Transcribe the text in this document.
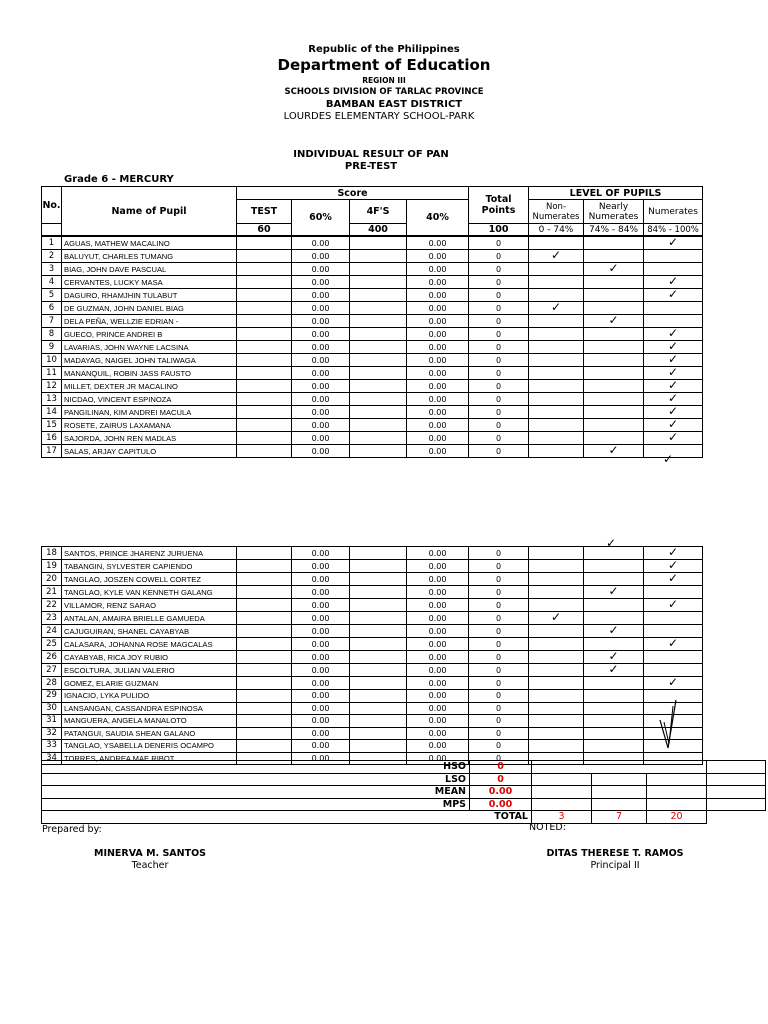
Republic of the Philippines
Department of Education
REGION III
SCHOOLS DIVISION OF TARLAC PROVINCE
BAMBAN EAST DISTRICT
LOURDES ELEMENTARY SCHOOL-PARK
INDIVIDUAL RESULT OF PAN
PRE-TEST
Grade 6 - MERCURY
No.	Name of Pupil	Score				Total Points	LEVEL OF PUPILS		
		TEST	60%	4F'S	40%		Non-Numerates	Nearly Numerates	Numerates
		60		400		100	0 - 74%	74% - 84%	84% - 100%
1	AGUAS, MATHEW MACALINO		0.00		0.00	0			✓
2	BALUYUT, CHARLES TUMANG		0.00		0.00	0	✓		
3	BIAG, JOHN DAVE PASCUAL		0.00		0.00	0		✓	
4	CERVANTES, LUCKY MASA		0.00		0.00	0			✓
5	DAGURO, RHAMJHIN TULABUT		0.00		0.00	0			✓
6	DE GUZMAN, JOHN DANIEL BIAG		0.00		0.00	0	✓		
7	DELA PEÑA, WELLZIE EDRIAN -		0.00		0.00	0		✓	
8	GUECO, PRINCE ANDREI B		0.00		0.00	0			✓
9	LAVARIAS, JOHN WAYNE LACSINA		0.00		0.00	0			✓
10	MADAYAG, NAIGEL JOHN TALIWAGA		0.00		0.00	0			✓
11	MANANQUIL, ROBIN JASS FAUSTO		0.00		0.00	0			✓
12	MILLET, DEXTER JR MACALINO		0.00		0.00	0			✓
13	NICDAO, VINCENT ESPINOZA		0.00		0.00	0			✓
14	PANGILINAN, KIM ANDREI MACULA		0.00		0.00	0			✓
15	ROSETE, ZAIRUS LAXAMANA		0.00		0.00	0			✓
16	SAJORDA, JOHN REN MADLAS		0.00		0.00	0			✓
17	SALAS, ARJAY CAPITULO		0.00		0.00	0		✓	
18	SANTOS, PRINCE JHARENZ JURUENA		0.00		0.00	0			✓
19	TABANGIN, SYLVESTER CAPIENDO		0.00		0.00	0			✓
20	TANGLAO, JOSZEN COWELL CORTEZ		0.00		0.00	0			✓
21	TANGLAO, KYLE VAN KENNETH GALANG		0.00		0.00	0		✓	
22	VILLAMOR, RENZ SARAO		0.00		0.00	0			✓
23	ANTALAN, AMAIRA BRIELLE GAMUEDA		0.00		0.00	0	✓		
24	CAJUGUIRAN, SHANEL CAYABYAB		0.00		0.00	0		✓	
25	CALASARA, JOHANNA ROSE MAGCALAS		0.00		0.00	0			✓
26	CAYABYAB, RICA JOY RUBIO		0.00		0.00	0		✓	
27	ESCOLTURA, JULIAN VALERIO		0.00		0.00	0		✓	
28	GOMEZ, ELARIE GUZMAN		0.00		0.00	0			✓
29	IGNACIO, LYKA PULIDO		0.00		0.00	0			
30	LANSANGAN, CASSANDRA ESPINOSA		0.00		0.00	0			
31	MANGUERA, ANGELA MANALOTO		0.00		0.00	0			
32	PATANGUI, SAUDIA SHEAN GALANO		0.00		0.00	0			
33	TANGLAO, YSABELLA DENERIS OCAMPO		0.00		0.00	0			
34	TORRES, ANDREA MAE RIBOT		0.00		0.00	0			
✓
✓
HSO	0				
LSO	0				
MEAN	0.00				
MPS	0.00				
TOTAL		3	7	20	
Prepared by:	NOTED:
MINERVA M. SANTOS
Teacher
DITAS THERESE T. RAMOS
Principal II
